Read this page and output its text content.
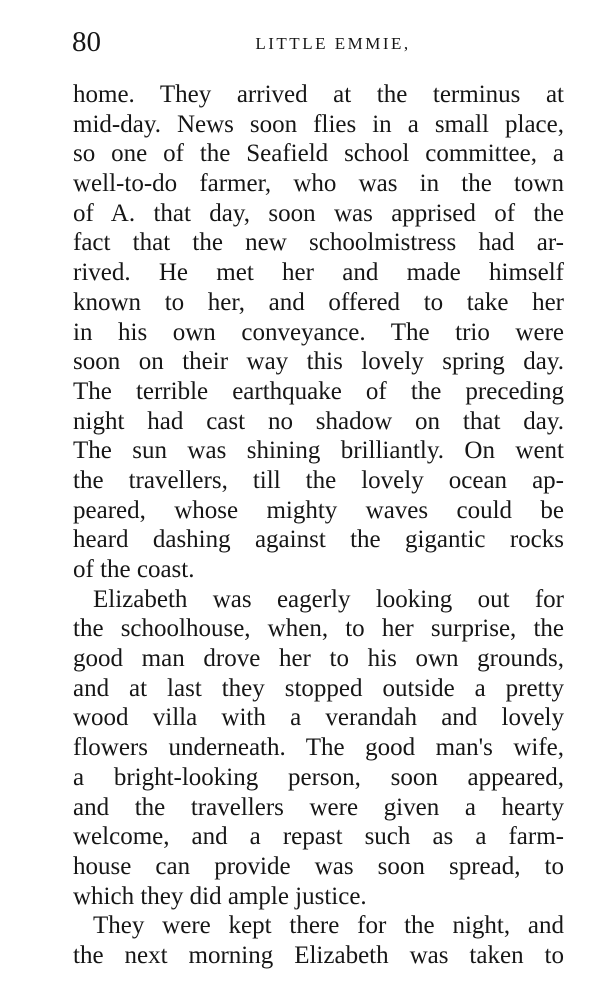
80	LITTLE EMMIE,
home. They arrived at the terminus at
mid-day. News soon flies in a small place,
so one of the Seafield school committee, a
well-to-do farmer, who was in the town
of A. that day, soon was apprised of the
fact that the new schoolmistress had ar-
rived. He met her and made himself
known to her, and offered to take her
in his own conveyance. The trio were
soon on their way this lovely spring day.
The terrible earthquake of the preceding
night had cast no shadow on that day.
The sun was shining brilliantly. On went
the travellers, till the lovely ocean ap-
peared, whose mighty waves could be
heard dashing against the gigantic rocks
of the coast.
Elizabeth was eagerly looking out for
the schoolhouse, when, to her surprise, the
good man drove her to his own grounds,
and at last they stopped outside a pretty
wood villa with a verandah and lovely
flowers underneath. The good man's wife,
a bright-looking person, soon appeared,
and the travellers were given a hearty
welcome, and a repast such as a farm-
house can provide was soon spread, to
which they did ample justice.
They were kept there for the night, and
the next morning Elizabeth was taken to
